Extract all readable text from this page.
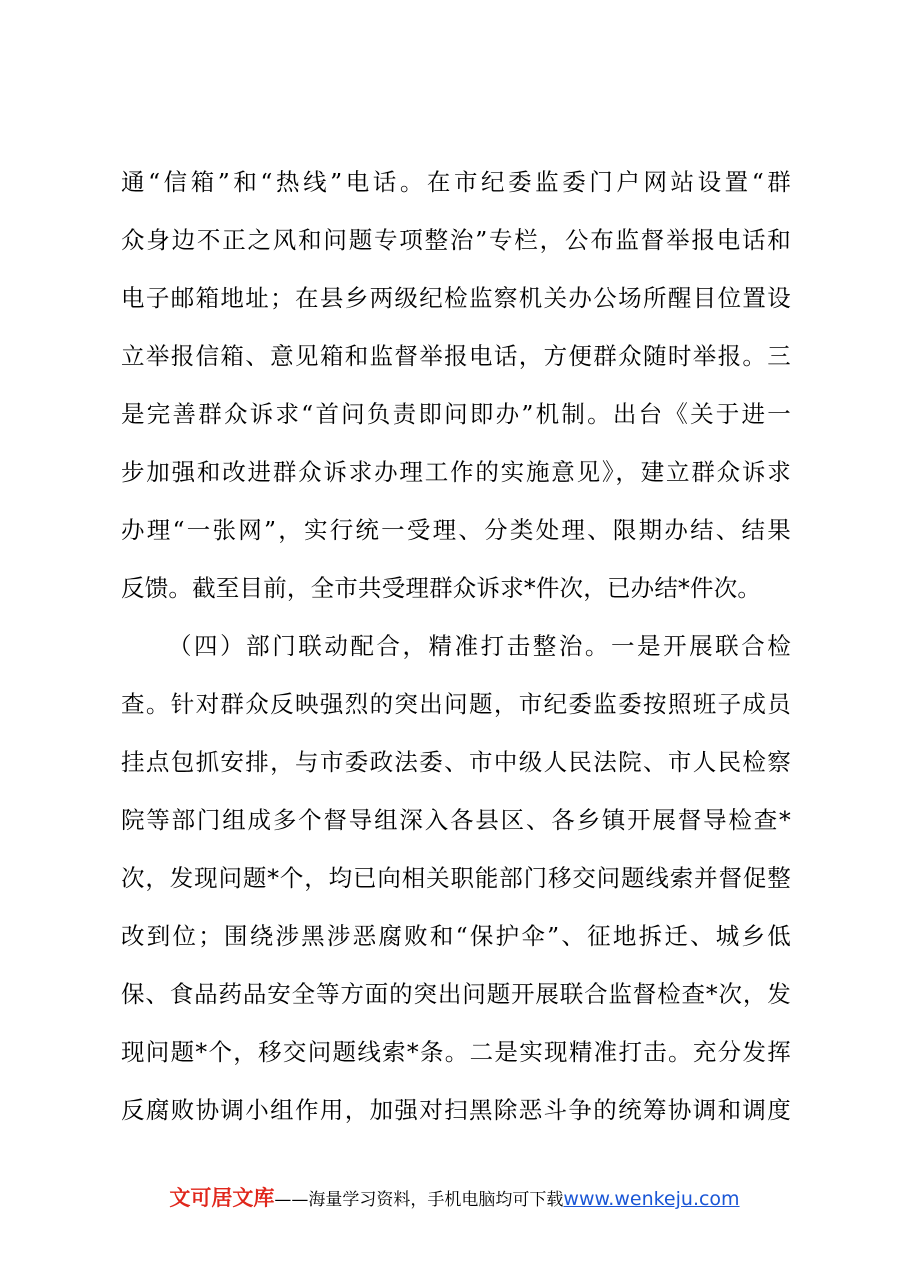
通“信箱”和“热线”电话。在市纪委监委门户网站设置“群
众身边不正之风和问题专项整治”专栏，公布监督举报电话和
电子邮箱地址；在县乡两级纪检监察机关办公场所醒目位置设
立举报信箱、意见箱和监督举报电话，方便群众随时举报。三
是完善群众诉求“首问负责即问即办”机制。出台《关于进一
步加强和改进群众诉求办理工作的实施意见》，建立群众诉求
办理“一张网”，实行统一受理、分类处理、限期办结、结果
反馈。截至目前，全市共受理群众诉求*件次，已办结*件次。
（四）部门联动配合，精准打击整治。一是开展联合检
查。针对群众反映强烈的突出问题，市纪委监委按照班子成员
挂点包抓安排，与市委政法委、市中级人民法院、市人民检察
院等部门组成多个督导组深入各县区、各乡镇开展督导检查*
次，发现问题*个，均已向相关职能部门移交问题线索并督促整
改到位；围绕涉黑涉恶腐败和“保护伞”、征地拆迁、城乡低
保、食品药品安全等方面的突出问题开展联合监督检查*次，发
现问题*个，移交问题线索*条。二是实现精准打击。充分发挥
反腐败协调小组作用，加强对扫黑除恶斗争的统筹协调和调度
文可居文库——海量学习资料，手机电脑均可下载www.wenkeju.com
